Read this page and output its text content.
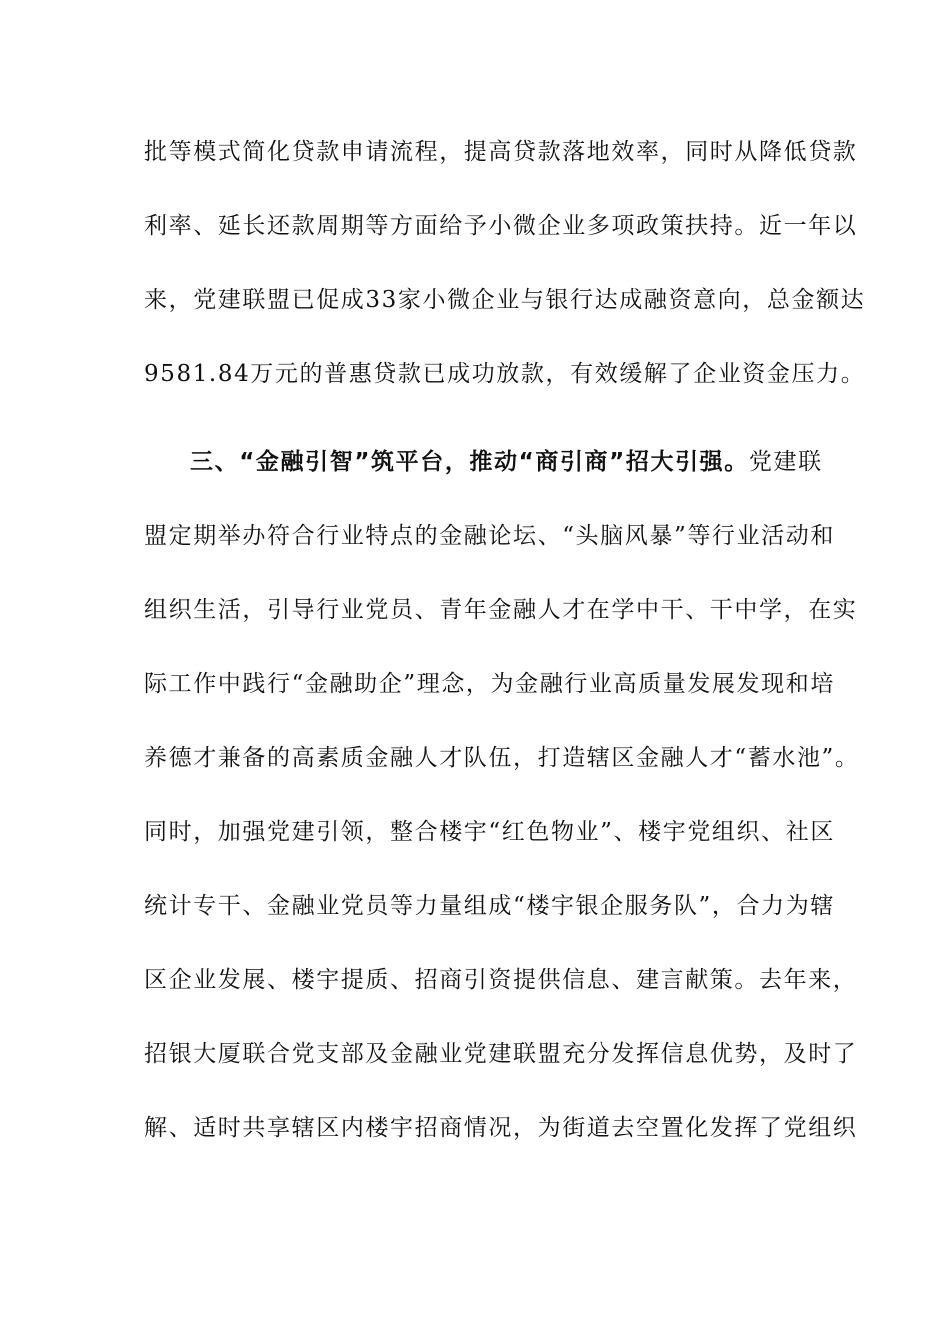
批等模式简化贷款申请流程，提高贷款落地效率，同时从降低贷款
利率、延长还款周期等方面给予小微企业多项政策扶持。近一年以
来，党建联盟已促成33家小微企业与银行达成融资意向，总金额达
9581.84万元的普惠贷款已成功放款，有效缓解了企业资金压力。
三、“金融引智”筑平台，推动“商引商”招大引强。党建联
盟定期举办符合行业特点的金融论坛、“头脑风暴”等行业活动和
组织生活，引导行业党员、青年金融人才在学中干、干中学，在实
际工作中践行“金融助企”理念，为金融行业高质量发展发现和培
养德才兼备的高素质金融人才队伍，打造辖区金融人才“蓄水池”。
同时，加强党建引领，整合楼宇“红色物业”、楼宇党组织、社区
统计专干、金融业党员等力量组成“楼宇银企服务队”，合力为辖
区企业发展、楼宇提质、招商引资提供信息、建言献策。去年来，
招银大厦联合党支部及金融业党建联盟充分发挥信息优势，及时了
解、适时共享辖区内楼宇招商情况，为街道去空置化发挥了党组织
